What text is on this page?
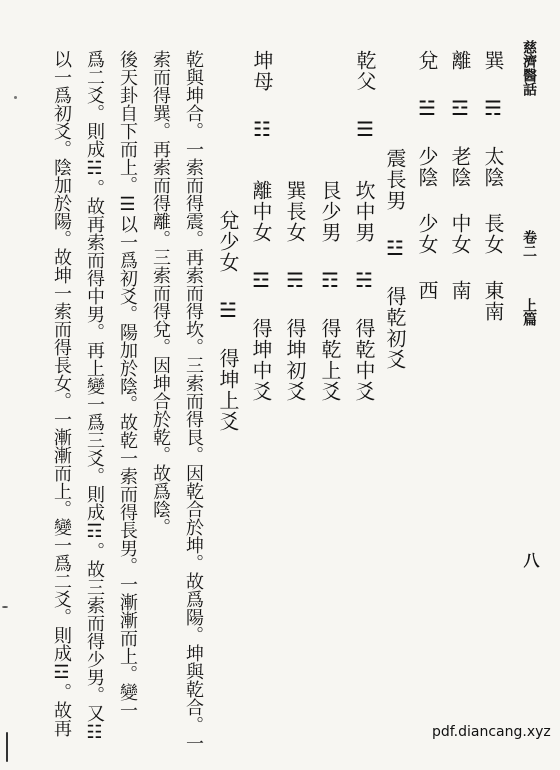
慈濟醫話
卷二
上篇
八
巽 ☴ 太陰 長女 東南
離 ☲ 老陰 中女 南
兌 ☱ 少陰 少女 西
乾父 ☰
震長男 ☳ 得乾初爻
坎中男 ☵ 得乾中爻
艮少男 ☶ 得乾上爻
坤母 ☷
巽長女 ☴ 得坤初爻
離中女 ☲ 得坤中爻
兌少女 ☱ 得坤上爻
乾與坤合。一索而得震。再索而得坎。三索而得艮。因乾合於坤。故爲陽。坤與乾合。一
索而得巽。再索而得離。三索而得兌。因坤合於乾。故爲陰。
後天卦自下而上。☰以一爲初爻。陽加於陰。故乾一索而得長男。一漸漸而上。變一
爲二爻。則成☵。故再索而得中男。再上變一爲三爻。則成☶。故三索而得少男。又☷
以一爲初爻。陰加於陽。故坤一索而得長女。一漸漸而上。變一爲二爻。則成☲。故再	pdf.diancang.xyz
